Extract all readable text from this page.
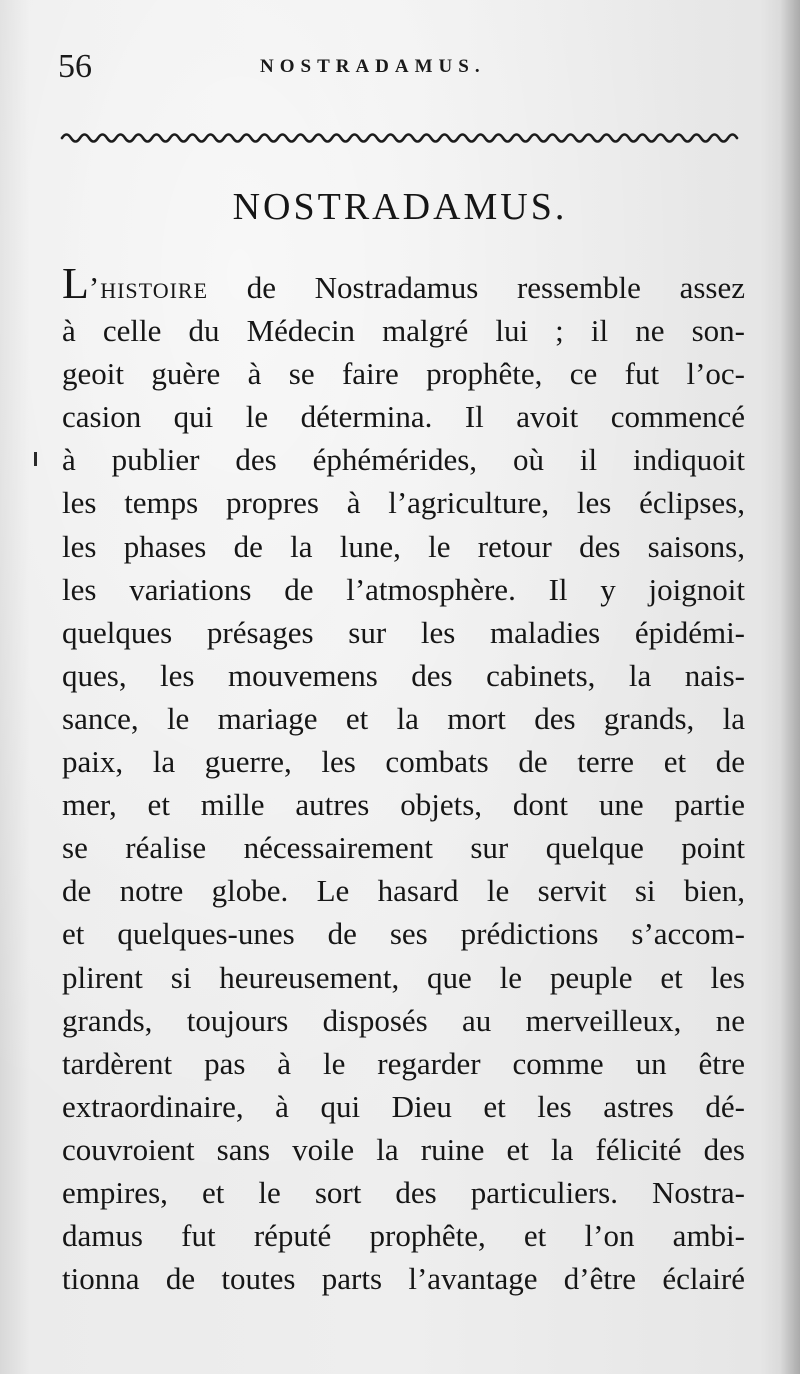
56	NOSTRADAMUS.
NOSTRADAMUS.
L’histoire de Nostradamus ressemble assez
à celle du Médecin malgré lui ; il ne son-
geoit guère à se faire prophête, ce fut l’oc-
casion qui le détermina. Il avoit commencé
à publier des éphémérides, où il indiquoit
les temps propres à l’agriculture, les éclipses,
les phases de la lune, le retour des saisons,
les variations de l’atmosphère. Il y joignoit
quelques présages sur les maladies épidémi-
ques, les mouvemens des cabinets, la nais-
sance, le mariage et la mort des grands, la
paix, la guerre, les combats de terre et de
mer, et mille autres objets, dont une partie
se réalise nécessairement sur quelque point
de notre globe. Le hasard le servit si bien,
et quelques-unes de ses prédictions s’accom-
plirent si heureusement, que le peuple et les
grands, toujours disposés au merveilleux, ne
tardèrent pas à le regarder comme un être
extraordinaire, à qui Dieu et les astres dé-
couvroient sans voile la ruine et la félicité des
empires, et le sort des particuliers. Nostra-
damus fut réputé prophête, et l’on ambi-
tionna de toutes parts l’avantage d’être éclairé
